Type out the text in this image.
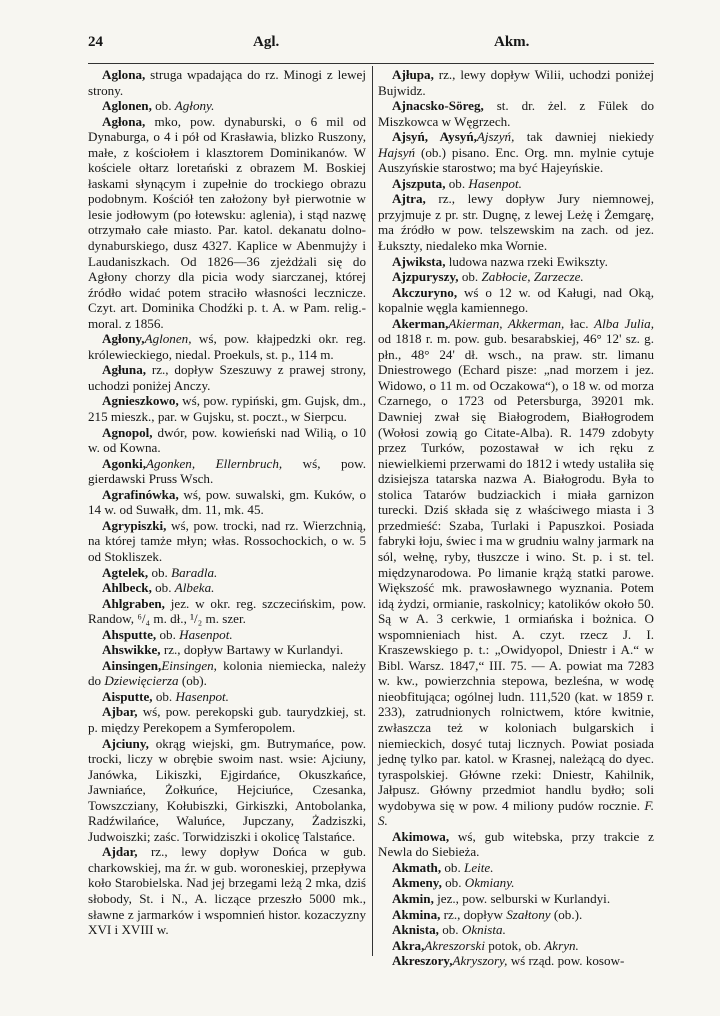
24	Agl.	Akm.

Aglona, struga wpadająca do rz. Minogi z lewej strony.

Aglonen, ob. Agłony.

Agłona, mko, pow. dynaburski, o 6 mil od Dynaburga, o 4 i pół od Krasławia, blizko Ruszony, małe, z kościołem i klasztorem Dominikanów. W kościele ołtarz loretański z obrazem M. Boskiej łaskami słynącym i zupełnie do trockiego obrazu podobnym. Kościół ten założony był pierwotnie w lesie jodłowym (po łotewsku: aglenia), i stąd nazwę otrzymało całe miasto. Par. katol. dekanatu dolno-dynaburskiego, dusz 4327. Kaplice w Abenmujży i Laudaniszkach. Od 1826—36 zjeżdżali się do Agłony chorzy dla picia wody siarczanej, której źródło widać potem straciło własności lecznicze. Czyt. art. Dominika Chodźki p. t. A. w Pam. relig.-moral. z 1856.

Agłony,Aglonen, wś, pow. kłajpedzki okr. reg. królewieckiego, niedal. Proekuls, st. p., 114 m.

Agłuna, rz., dopływ Szeszuwy z prawej strony, uchodzi poniżej Anczy.

Agnieszkowo, wś, pow. rypiński, gm. Gujsk, dm., 215 mieszk., par. w Gujsku, st. poczt., w Sierpcu.

Agnopol, dwór, pow. kowieński nad Wilią, o 10 w. od Kowna.

Agonki,Agonken, Ellernbruch, wś, pow. gierdawski Pruss Wsch.

Agrafinówka, wś, pow. suwalski, gm. Kuków, o 14 w. od Suwałk, dm. 11, mk. 45.

Agrypiszki, wś, pow. trocki, nad rz. Wierzchnią, na której tamże młyn; włas. Rossochockich, o w. 5 od Stokliszek.

Agtelek, ob. Baradla.

Ahlbeck, ob. Albeka.

Ahlgraben, jez. w okr. reg. szczecińskim, pow. Randow, ⁶/₄ m. dł., ¹/₂ m. szer.

Ahsputte, ob. Hasenpot.

Ahswikke, rz., dopływ Bartawy w Kurlandyi.

Ainsingen,Einsingen, kolonia niemiecka, należy do Dziewięcierza (ob).

Aisputte, ob. Hasenpot.

Ajbar, wś, pow. perekopski gub. taurydzkiej, st. p. między Perekopem a Symferopolem.

Ajciuny, okrąg wiejski, gm. Butrymańce, pow. trocki, liczy w obrębie swoim nast. wsie: Ajciuny, Janówka, Likiszki, Ejgirdańce, Okuszkańce, Jawniańce, Żołkuńce, Hejciuńce, Czesanka, Towszcziany, Kołubiszki, Girkiszki, Antobolanka, Radźwilańce, Waluńce, Jupczany, Żadziszki, Judwoiszki; zaśc. Torwidziszki i okolicę Talstańce.

Ajdar, rz., lewy dopływ Dońca w gub. charkowskiej, ma źr. w gub. woroneskiej, przepływa koło Starobielska. Nad jej brzegami leżą 2 mka, dziś słobody, St. i N., A. liczące przeszło 5000 mk., sławne z jarmarków i wspomnień histor. kozaczyzny XVI i XVIII w.

Ajłupa, rz., lewy dopływ Wilii, uchodzi poniżej Bujwidz.

Ajnacsko-Söreg, st. dr. żel. z Fülek do Miszkowca w Węgrzech.

Ajsyń, Aysyń,Ajszyń, tak dawniej niekiedy Hajsyń (ob.) pisano. Enc. Org. mn. mylnie cytuje Auszyńskie starostwo; ma być Hajeyńskie.

Ajszputa, ob. Hasenpot.

Ajtra, rz., lewy dopływ Jury niemnowej, przyjmuje z pr. str. Dugnę, z lewej Leżę i Żemgarę, ma źródło w pow. telszewskim na zach. od jez. Łukszty, niedaleko mka Wornie.

Ajwiksta, ludowa nazwa rzeki Ewikszty.

Ajzpuryszy, ob. Zabłocie, Zarzecze.

Akczuryno, wś o 12 w. od Kaługi, nad Oką, kopalnie węgla kamiennego.

Akerman,Akierman, Akkerman, łac. Alba Julia, od 1818 r. m. pow. gub. besarabskiej, 46° 12' sz. g. płn., 48° 24' dł. wsch., na praw. str. limanu Dniestrowego (Echard pisze: „nad morzem i jez. Widowo, o 11 m. od Oczakowa“), o 18 w. od morza Czarnego, o 1723 od Petersburga, 39201 mk. Dawniej zwał się Białogrodem, Białłogrodem (Wołosi zowią go Citate-Alba). R. 1479 zdobyty przez Turków, pozostawał w ich ręku z niewielkiemi przerwami do 1812 i wtedy ustaliła się dzisiejsza tatarska nazwa A. Białogrodu. Była to stolica Tatarów budziackich i miała garnizon turecki. Dziś składa się z właściwego miasta i 3 przedmieść: Szaba, Turlaki i Papuszkoi. Posiada fabryki łoju, świec i ma w grudniu walny jarmark na sól, wełnę, ryby, tłuszcze i wino. St. p. i st. tel. międzynarodowa. Po limanie krążą statki parowe. Większość mk. prawosławnego wyznania. Potem idą żydzi, ormianie, raskolnicy; katolików około 50. Są w A. 3 cerkwie, 1 ormiańska i bożnica. O wspomnieniach hist. A. czyt. rzecz J. I. Kraszewskiego p. t.: „Owidyopol, Dniestr i A.“ w Bibl. Warsz. 1847,“ III. 75. — A. powiat ma 7283 w. kw., powierzchnia stepowa, bezleśna, w wodę nieobfitująca; ogólnej ludn. 111,520 (kat. w 1859 r. 233), zatrudnionych rolnictwem, które kwitnie, zwłaszcza też w koloniach bulgarskich i niemieckich, dosyć tutaj licznych. Powiat posiada jednę tylko par. katol. w Krasnej, należącą do dyec. tyraspolskiej. Główne rzeki: Dniestr, Kahilnik, Jałpusz. Główny przedmiot handlu bydło; soli wydobywa się w pow. 4 miliony pudów rocznie. F. S.

Akimowa, wś, gub witebska, przy trakcie z Newla do Siebieża.

Akmath, ob. Leite.

Akmeny, ob. Okmiany.

Akmin, jez., pow. selburski w Kurlandyi.

Akmina, rz., dopływ Szałtony (ob.).

Aknista, ob. Oknista.

Akra,Akreszorski potok, ob. Akryn.

Akreszory,Akryszory, wś rząd. pow. kosow-
